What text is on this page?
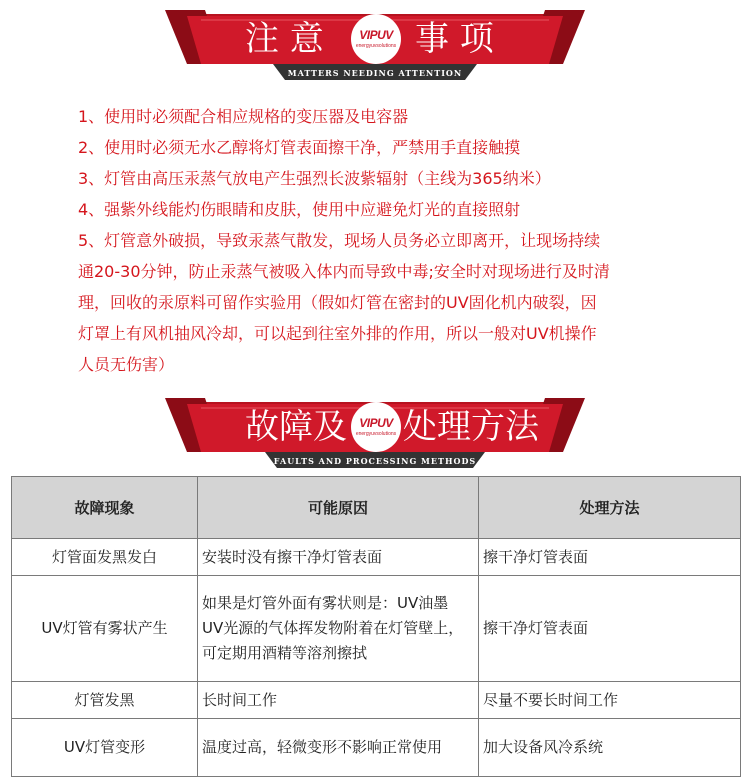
注 意	VIPUV
energyuvsolutions 事 项
MATTERS NEEDING ATTENTION
1、使用时必须配合相应规格的变压器及电容器
2、使用时必须无水乙醇将灯管表面擦干净，严禁用手直接触摸
3、灯管由高压汞蒸气放电产生强烈长波紫辐射（主线为365纳米）
4、强紫外线能灼伤眼睛和皮肤，使用中应避免灯光的直接照射
5、灯管意外破损，导致汞蒸气散发，现场人员务必立即离开，让现场持续
通20-30分钟，防止汞蒸气被吸入体内而导致中毒;安全时对现场进行及时清
理，回收的汞原料可留作实验用（假如灯管在密封的UV固化机内破裂，因
灯罩上有风机抽风冷却，可以起到往室外排的作用，所以一般对UV机操作
人员无伤害）
故障及	VIPUV
energyuvsolutions 处理方法
FAULTS AND PROCESSING METHODS
故障现象	可能原因	处理方法
灯管面发黑发白	安装时没有擦干净灯管表面	擦干净灯管表面
UV灯管有雾状产生	如果是灯管外面有雾状则是：UV油墨 UV光源的气体挥发物附着在灯管壁上，可定期用酒精等溶剂擦拭	擦干净灯管表面
灯管发黑	长时间工作	尽量不要长时间工作
UV灯管变形	温度过高，轻微变形不影响正常使用	加大设备风冷系统
